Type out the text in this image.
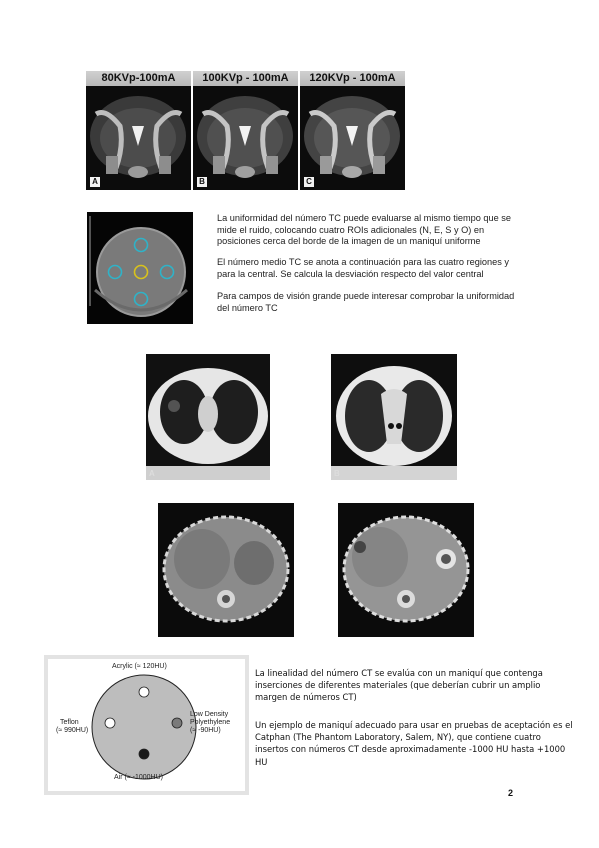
80KVp-100mA
A
100KVp - 100mA
B
120KVp - 100mA
C

La uniformidad del número TC puede evaluarse al mismo tiempo que se mide el ruido, colocando cuatro ROIs adicionales (N, E, S y O) en posiciones cerca del borde de la imagen de un maniquí uniforme

El número medio TC se anota a continuación para las cuatro regiones y para la central. Se calcula la desviación respecto del valor central

Para campos de visión grande puede interesar comprobar la uniformidad del número TC

A	B
Acrylic (≈ 120HU)
Teflon
(≈ 990HU)
Low Density
Polyethylene
(≈ -90HU)
Air (≈ -1000HU)

La linealidad del número CT se evalúa con un maniquí que contenga inserciones de diferentes materiales (que deberían cubrir un amplio margen de números CT)

Un ejemplo de maniquí adecuado para usar en pruebas de aceptación es el Catphan (The Phantom Laboratory, Salem, NY), que contiene cuatro insertos con números CT desde aproximadamente -1000 HU hasta +1000 HU

2
